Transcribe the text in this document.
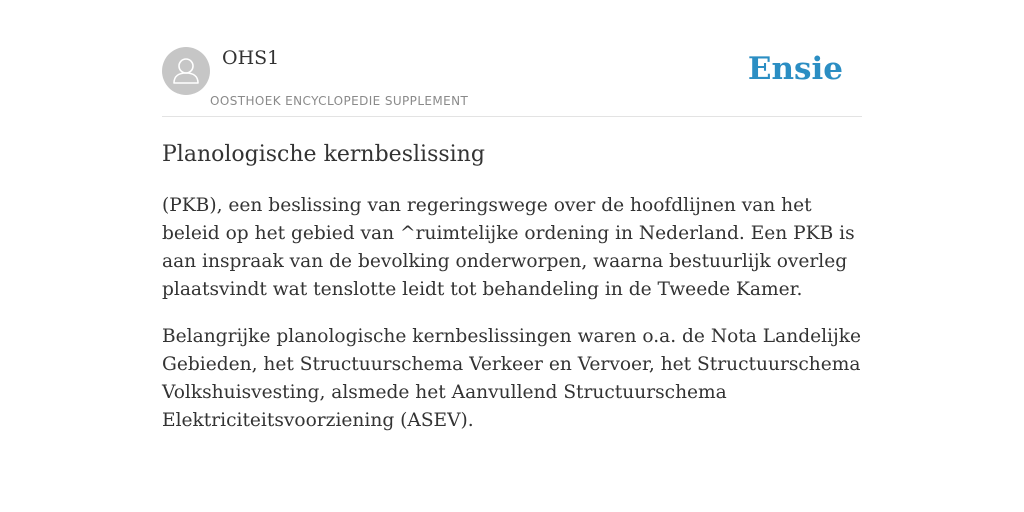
OHS1
OOSTHOEK ENCYCLOPEDIE SUPPLEMENT
Ensie
Planologische kernbeslissing

(PKB), een beslissing van regeringswege over de hoofdlijnen van het beleid op het gebied van ^ruimtelijke ordening in Nederland. Een PKB is aan inspraak van de bevolking onderworpen, waarna bestuurlijk overleg plaatsvindt wat tenslotte leidt tot behandeling in de Tweede Kamer.

Belangrijke planologische kernbeslissingen waren o.a. de Nota Landelijke Gebieden, het Structuurschema Verkeer en Vervoer, het Structuurschema Volkshuisvesting, alsmede het Aanvullend Structuurschema Elektriciteitsvoorziening (ASEV).
